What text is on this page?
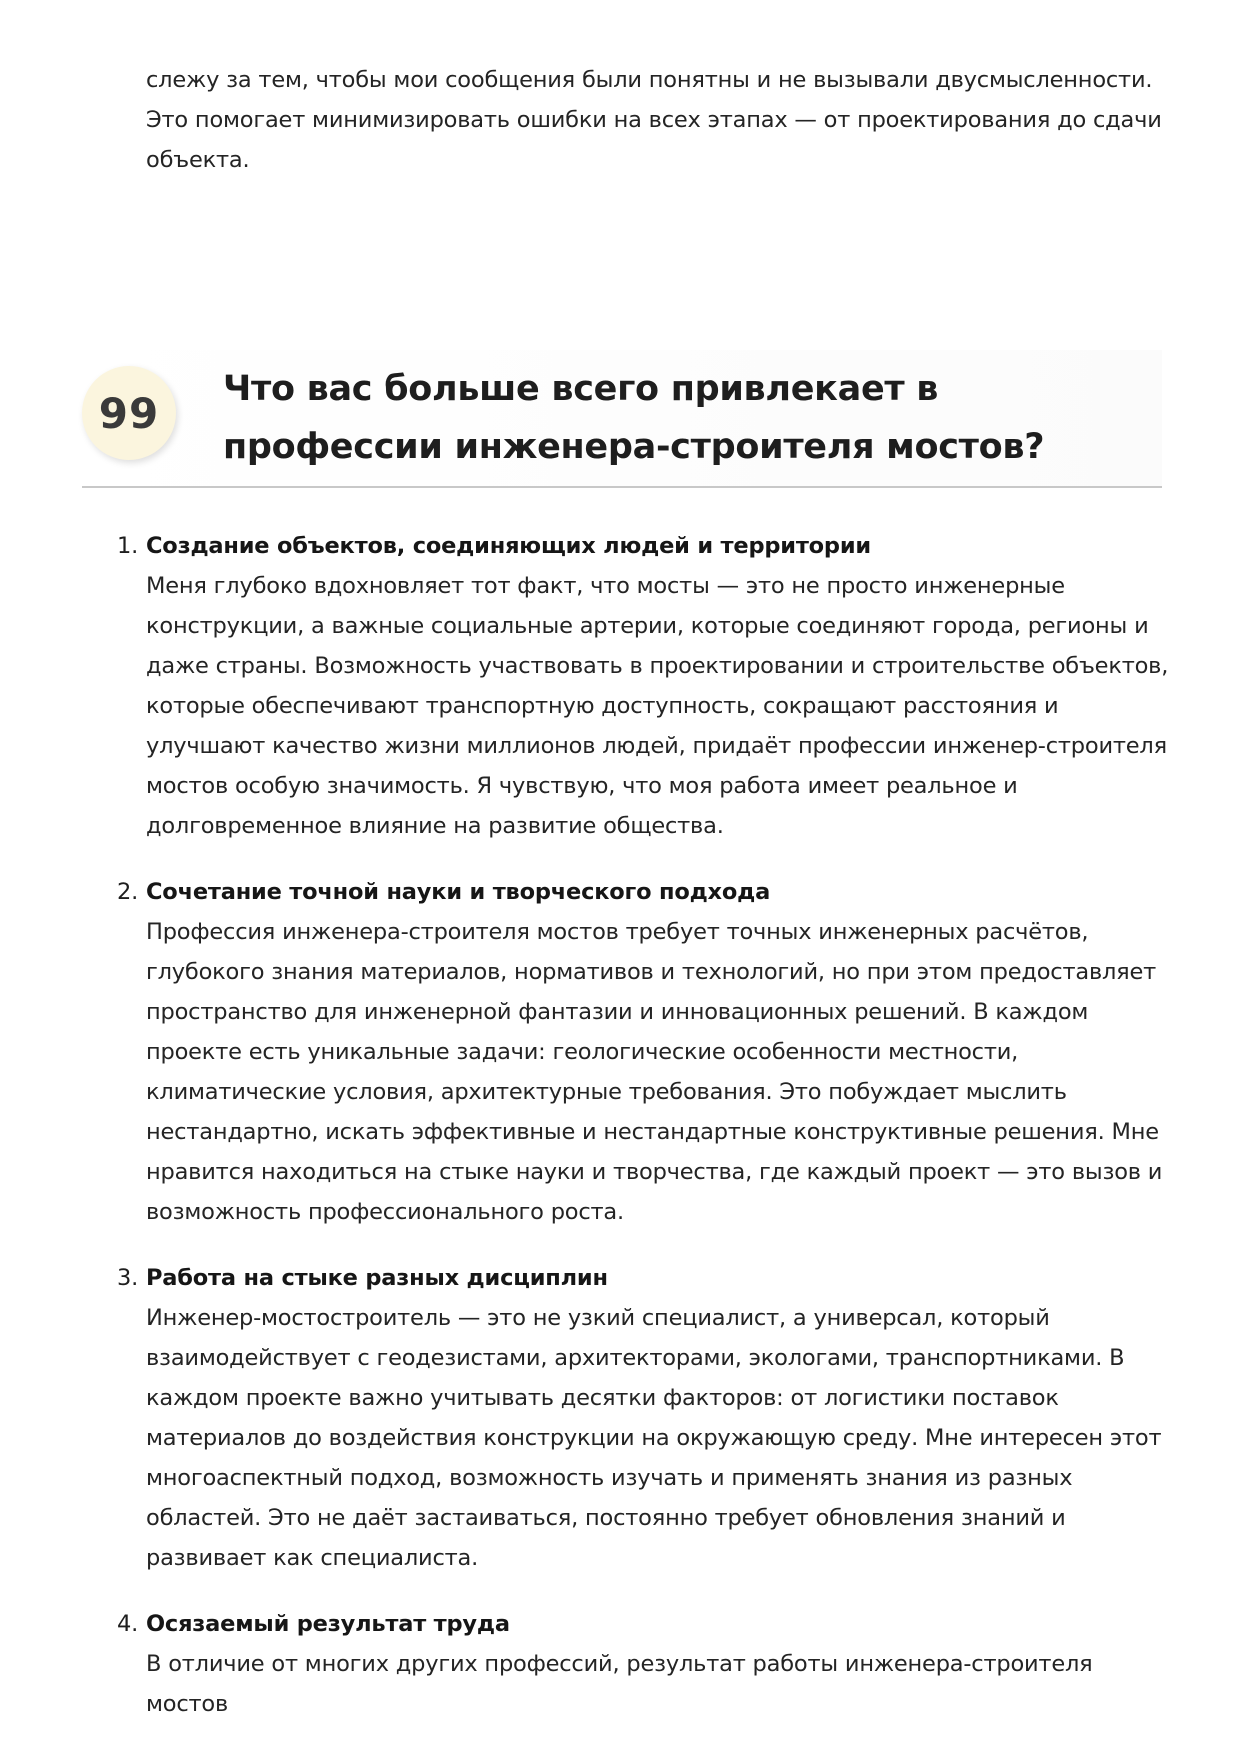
слежу за тем, чтобы мои сообщения были понятны и не вызывали двусмысленности. Это помогает минимизировать ошибки на всех этапах — от проектирования до сдачи объекта.

99	Что вас больше всего привлекает в профессии инженера-строителя мостов?
1. Создание объектов, соединяющих людей и территории
Меня глубоко вдохновляет тот факт, что мосты — это не просто инженерные конструкции, а важные социальные артерии, которые соединяют города, регионы и даже страны. Возможность участвовать в проектировании и строительстве объектов, которые обеспечивают транспортную доступность, сокращают расстояния и улучшают качество жизни миллионов людей, придаёт профессии инженер-строителя мостов особую значимость. Я чувствую, что моя работа имеет реальное и долговременное влияние на развитие общества.
2. Сочетание точной науки и творческого подхода
Профессия инженера-строителя мостов требует точных инженерных расчётов, глубокого знания материалов, нормативов и технологий, но при этом предоставляет пространство для инженерной фантазии и инновационных решений. В каждом проекте есть уникальные задачи: геологические особенности местности, климатические условия, архитектурные требования. Это побуждает мыслить нестандартно, искать эффективные и нестандартные конструктивные решения. Мне нравится находиться на стыке науки и творчества, где каждый проект — это вызов и возможность профессионального роста.
3. Работа на стыке разных дисциплин
Инженер-мостостроитель — это не узкий специалист, а универсал, который взаимодействует с геодезистами, архитекторами, экологами, транспортниками. В каждом проекте важно учитывать десятки факторов: от логистики поставок материалов до воздействия конструкции на окружающую среду. Мне интересен этот многоаспектный подход, возможность изучать и применять знания из разных областей. Это не даёт застаиваться, постоянно требует обновления знаний и развивает как специалиста.
4. Осязаемый результат труда
В отличие от многих других профессий, результат работы инженера-строителя мостов
